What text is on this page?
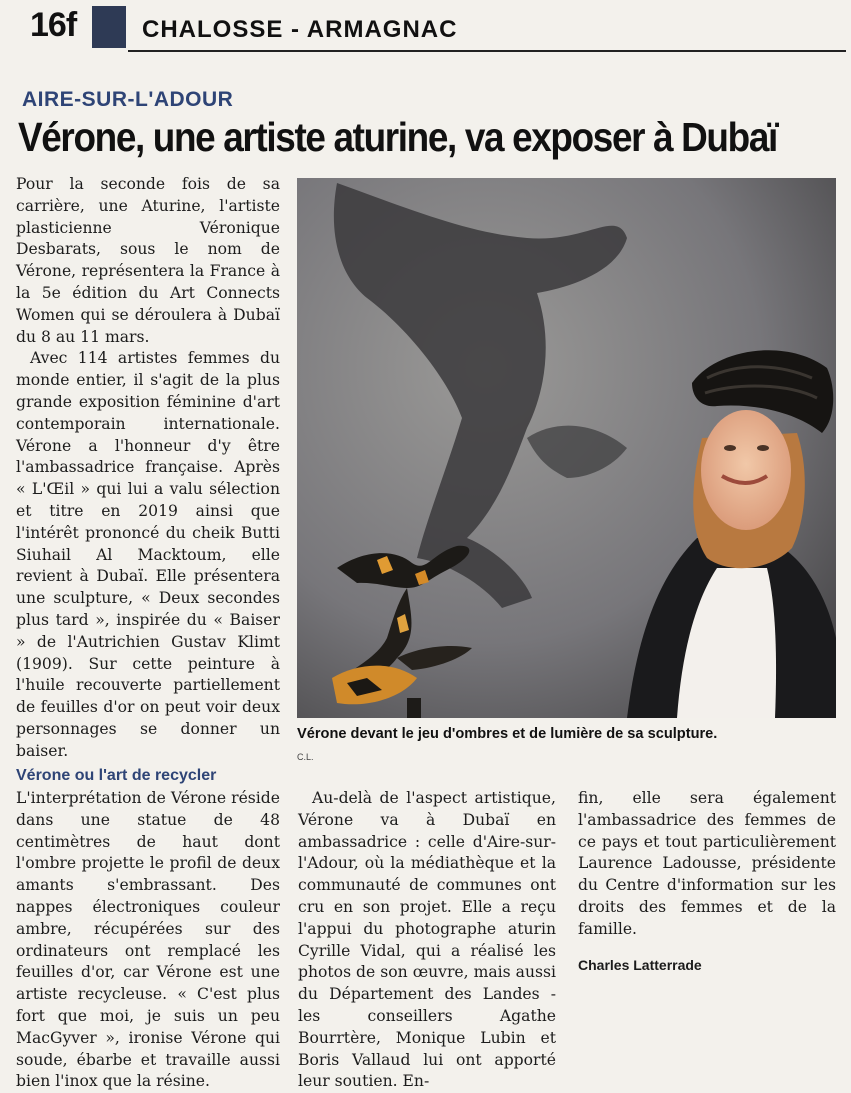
16f	CHALOSSE - ARMAGNAC
AIRE-SUR-L'ADOUR
Vérone, une artiste aturine, va exposer à Dubaï

Pour la seconde fois de sa carrière, une Aturine, l'artiste plasticienne Véronique Desbarats, sous le nom de Vérone, représentera la France à la 5e édition du Art Connects Women qui se déroulera à Dubaï du 8 au 11 mars.

Avec 114 artistes femmes du monde entier, il s'agit de la plus grande exposition féminine d'art contemporain internationale. Vérone a l'honneur d'y être l'ambassadrice française. Après « L'Œil » qui lui a valu sélection et titre en 2019 ainsi que l'intérêt prononcé du cheik Butti Siuhail Al Macktoum, elle revient à Dubaï. Elle présentera une sculpture, « Deux secondes plus tard », inspirée du « Baiser » de l'Autrichien Gustav Klimt (1909). Sur cette peinture à l'huile recouverte partiellement de feuilles d'or on peut voir deux personnages se donner un baiser.

Vérone ou l'art de recycler

L'interprétation de Vérone réside dans une statue de 48 centimètres de haut dont l'ombre projette le profil de deux amants s'embrassant. Des nappes électroniques couleur ambre, récupérées sur des ordinateurs ont remplacé les feuilles d'or, car Vérone est une artiste recycleuse. « C'est plus fort que moi, je suis un peu MacGyver », ironise Vérone qui soude, ébarbe et travaille aussi bien l'inox que la résine.

Vérone devant le jeu d'ombres et de lumière de sa sculpture.
C.L.

Au-delà de l'aspect artistique, Vérone va à Dubaï en ambassadrice : celle d'Aire-sur-l'Adour, où la médiathèque et la communauté de communes ont cru en son projet. Elle a reçu l'appui du photographe aturin Cyrille Vidal, qui a réalisé les photos de son œuvre, mais aussi du Département des Landes - les conseillers Agathe Bourrtère, Monique Lubin et Boris Vallaud lui ont apporté leur soutien. En-

fin, elle sera également l'ambassadrice des femmes de ce pays et tout particulièrement Laurence Ladousse, présidente du Centre d'information sur les droits des femmes et de la famille.

Charles Latterrade
